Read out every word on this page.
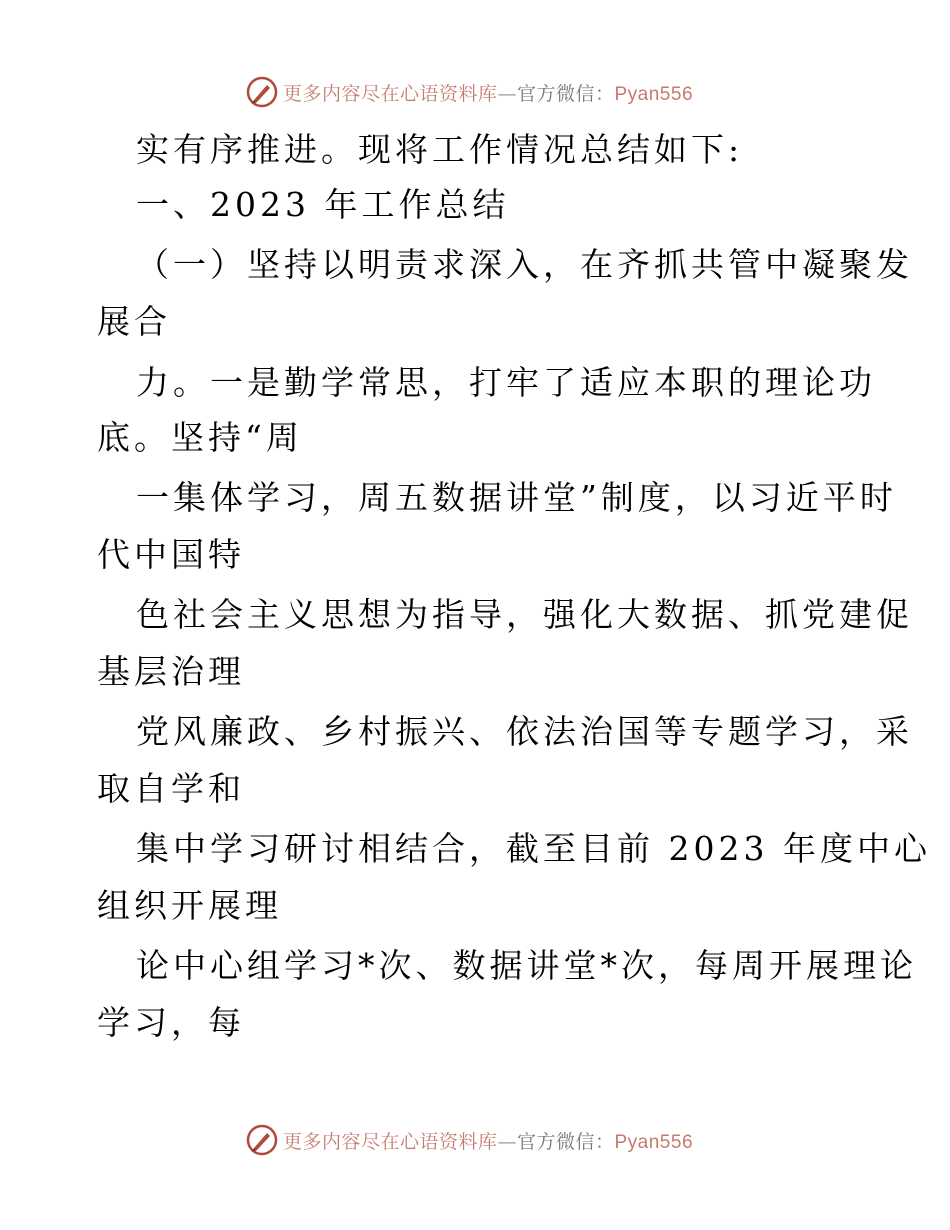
更多内容尽在心语资料库—官方微信：Pyan556
实有序推进。现将工作情况总结如下:
一、2023 年工作总结
（一）坚持以明责求深入，在齐抓共管中凝聚发
展合
力。一是勤学常思，打牢了适应本职的理论功
底。坚持“周
一集体学习，周五数据讲堂”制度，以习近平时
代中国特
色社会主义思想为指导，强化大数据、抓党建促
基层治理
党风廉政、乡村振兴、依法治国等专题学习，采
取自学和
集中学习研讨相结合，截至目前 2023 年度中心
组织开展理
论中心组学习*次、数据讲堂*次，每周开展理论
学习，每
更多内容尽在心语资料库—官方微信：Pyan556
